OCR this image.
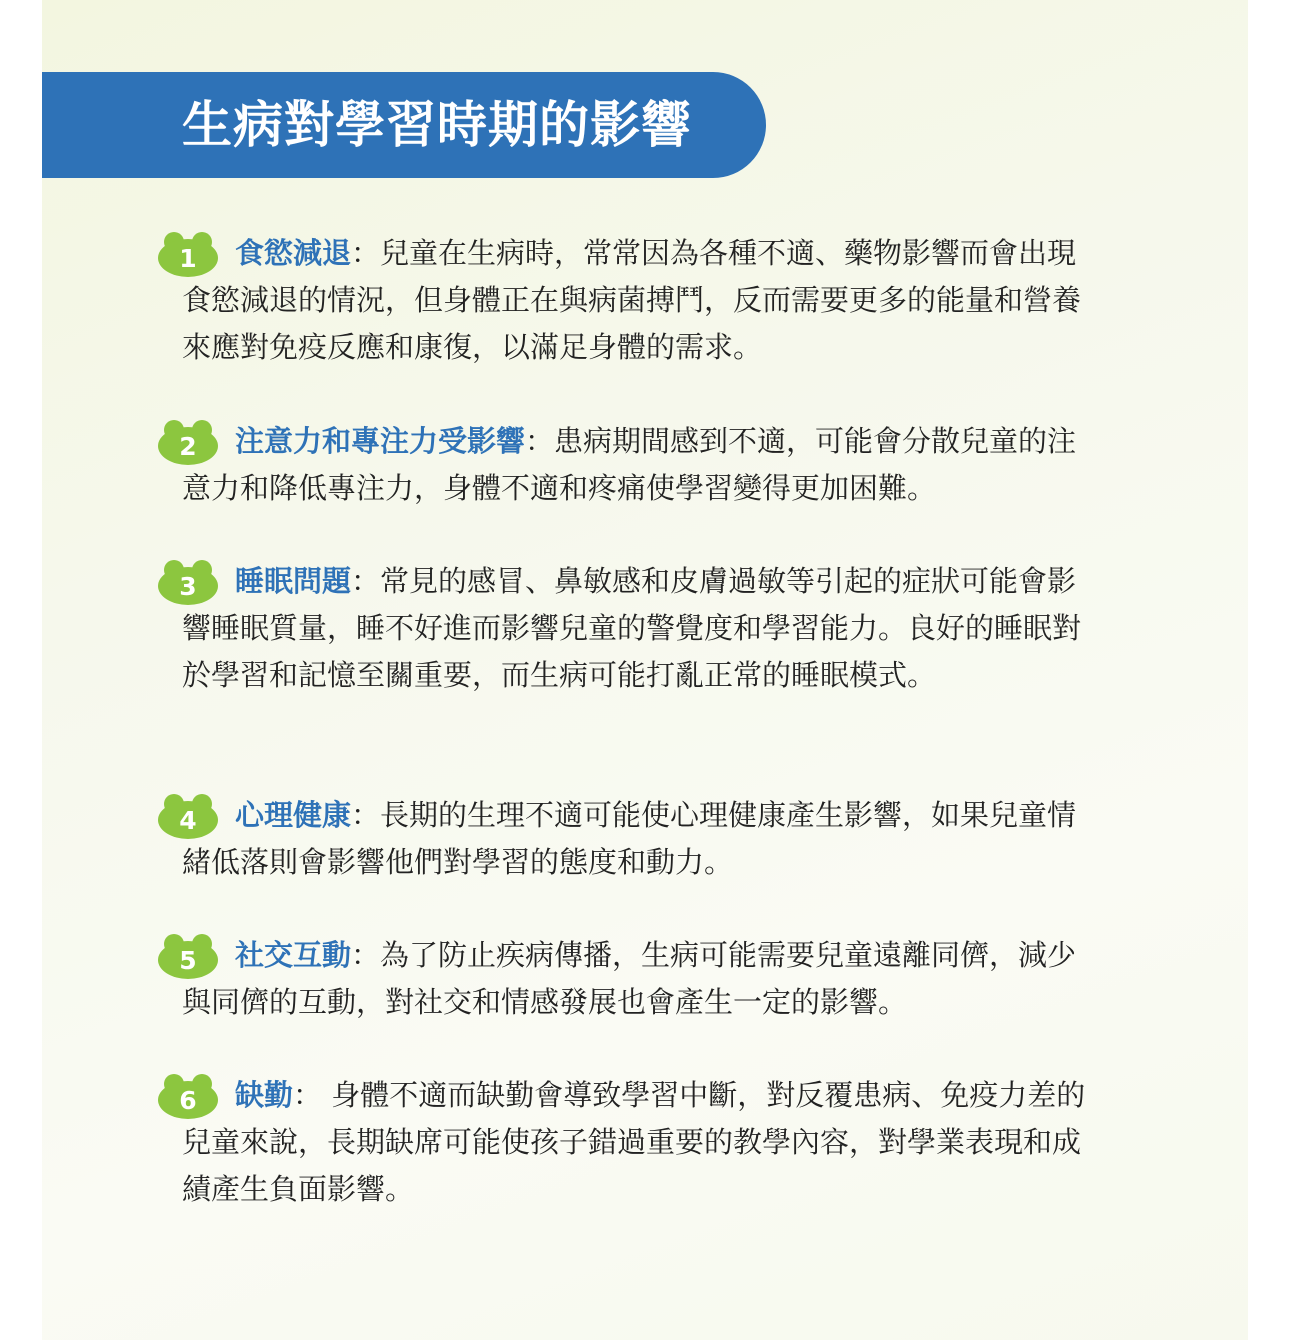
生病對學習時期的影響
1	食慾減退：兒童在生病時，常常因為各種不適、藥物影響而會出現食慾減退的情況，但身體正在與病菌搏鬥，反而需要更多的能量和營養來應對免疫反應和康復，以滿足身體的需求。

2	注意力和專注力受影響：患病期間感到不適，可能會分散兒童的注意力和降低專注力，身體不適和疼痛使學習變得更加困難。

3	睡眠問題：常見的感冒、鼻敏感和皮膚過敏等引起的症狀可能會影響睡眠質量，睡不好進而影響兒童的警覺度和學習能力。良好的睡眠對於學習和記憶至關重要，而生病可能打亂正常的睡眠模式。

4	心理健康：長期的生理不適可能使心理健康產生影響，如果兒童情緒低落則會影響他們對學習的態度和動力。

5	社交互動：為了防止疾病傳播，生病可能需要兒童遠離同儕，減少與同儕的互動，對社交和情感發展也會產生一定的影響。

6	缺勤： 身體不適而缺勤會導致學習中斷，對反覆患病、免疫力差的兒童來說，長期缺席可能使孩子錯過重要的教學內容，對學業表現和成績產生負面影響。
